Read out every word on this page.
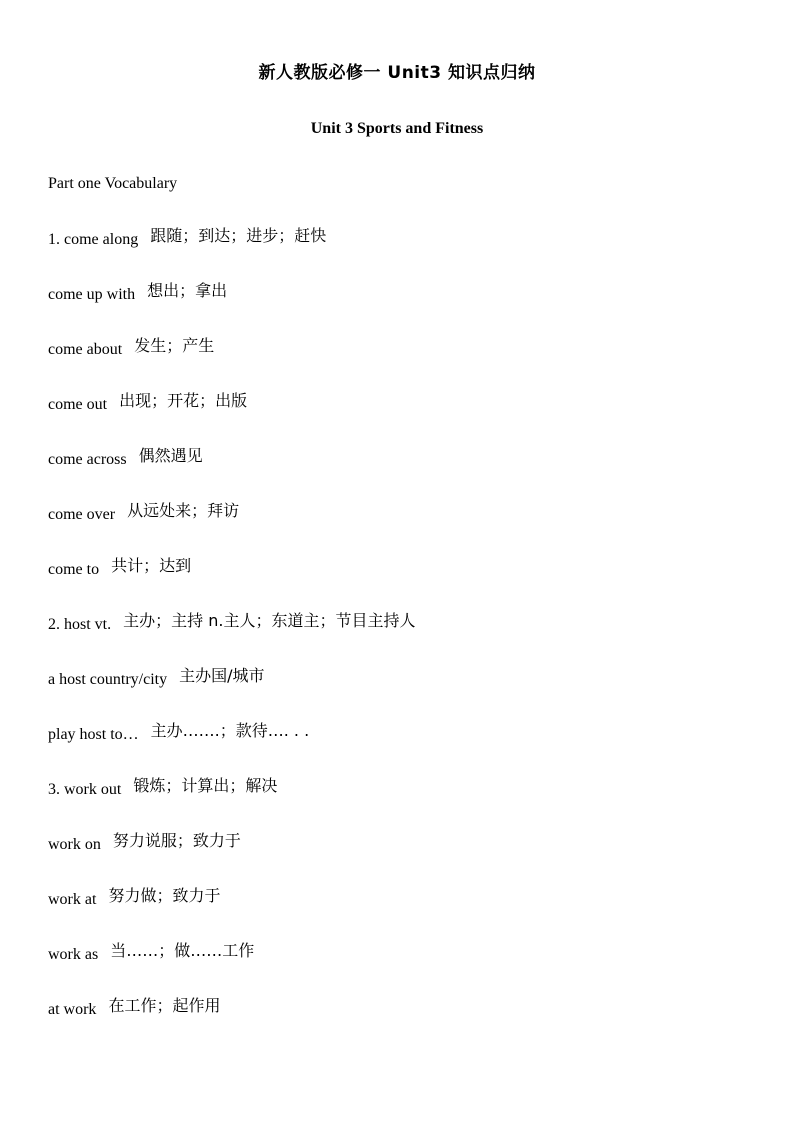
新人教版必修一 Unit3 知识点归纳
Unit 3 Sports and Fitness

Part one Vocabulary

1. come along 跟随；到达；进步；赶快
come up with 想出；拿出
come about 发生；产生
come out 出现；开花；出版
come across 偶然遇见
come over 从远处来；拜访
come to 共计；达到
2. host vt. 主办；主持 n.主人；东道主；节目主持人
a host country/city 主办国/城市
play host to… 主办…….；款待…. . .
3. work out 锻炼；计算出；解决
work on 努力说服；致力于
work at 努力做；致力于
work as 当……；做……工作
at work 在工作；起作用
